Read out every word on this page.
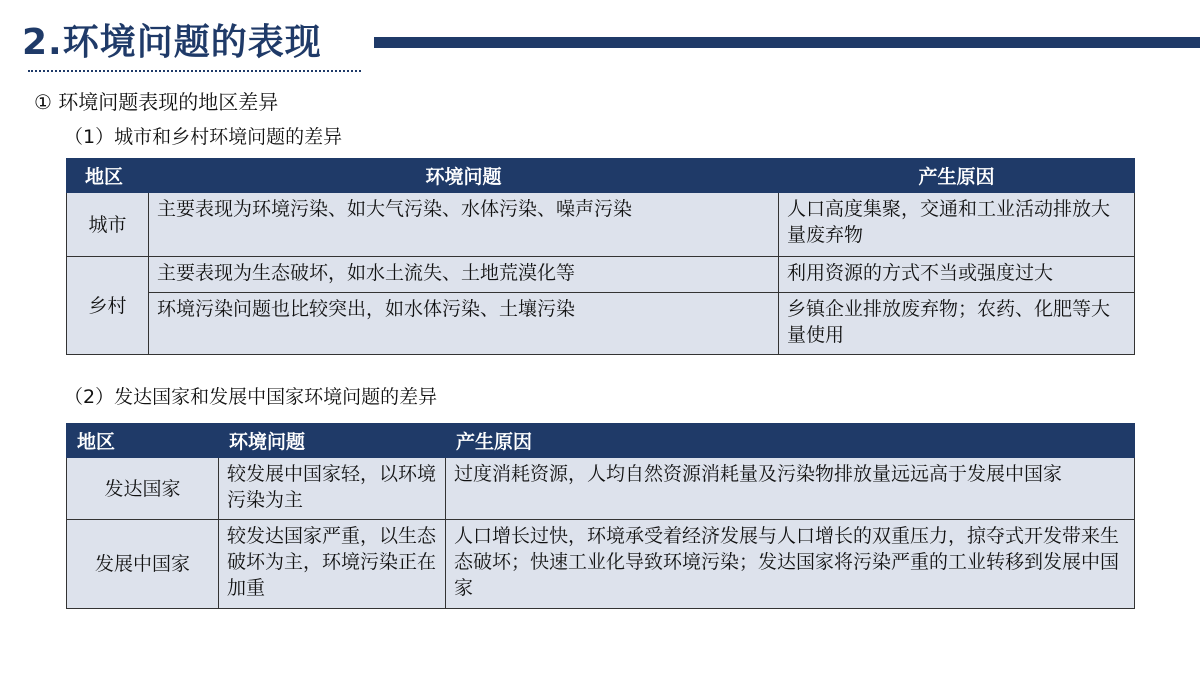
2.环境问题的表现
① 环境问题表现的地区差异
（1）城市和乡村环境问题的差异
地区	环境问题	产生原因
城市	主要表现为环境污染、如大气污染、水体污染、噪声污染	人口高度集聚，交通和工业活动排放大量废弃物
乡村	主要表现为生态破坏，如水土流失、土地荒漠化等	利用资源的方式不当或强度过大
	环境污染问题也比较突出，如水体污染、土壤污染	乡镇企业排放废弃物；农药、化肥等大量使用
（2）发达国家和发展中国家环境问题的差异
地区	环境问题	产生原因
发达国家	较发展中国家轻，以环境污染为主	过度消耗资源，人均自然资源消耗量及污染物排放量远远高于发展中国家
发展中国家	较发达国家严重，以生态破坏为主，环境污染正在加重	人口增长过快，环境承受着经济发展与人口增长的双重压力，掠夺式开发带来生态破坏；快速工业化导致环境污染；发达国家将污染严重的工业转移到发展中国家
